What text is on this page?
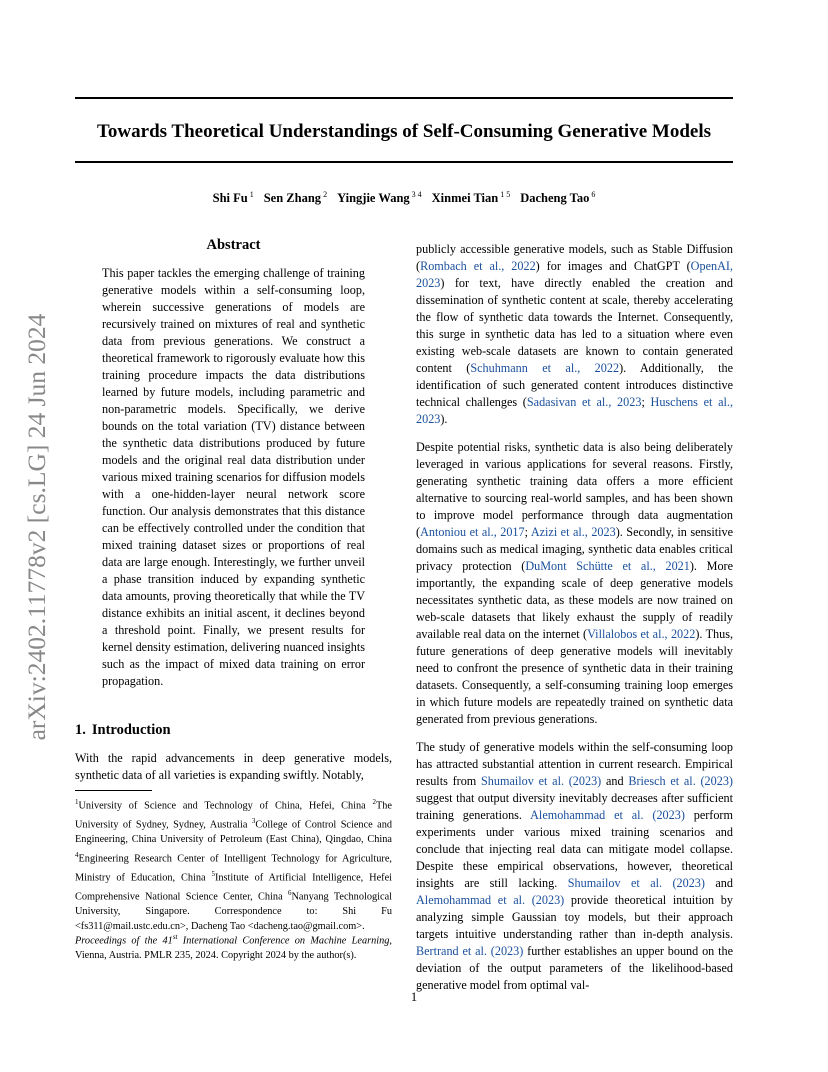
Towards Theoretical Understandings of Self-Consuming Generative Models
Shi Fu $^1$ Sen Zhang $^2$ Yingjie Wang $^{3 4}$ Xinmei Tian $^{1 5}$ Dacheng Tao $^6$
arXiv:2402.11778v2 [cs.LG] 24 Jun 2024
Abstract

This paper tackles the emerging challenge of training generative models within a self-consuming loop, wherein successive generations of models are recursively trained on mixtures of real and synthetic data from previous generations. We construct a theoretical framework to rigorously evaluate how this training procedure impacts the data distributions learned by future models, including parametric and non-parametric models. Specifically, we derive bounds on the total variation (TV) distance between the synthetic data distributions produced by future models and the original real data distribution under various mixed training scenarios for diffusion models with a one-hidden-layer neural network score function. Our analysis demonstrates that this distance can be effectively controlled under the condition that mixed training dataset sizes or proportions of real data are large enough. Interestingly, we further unveil a phase transition induced by expanding synthetic data amounts, proving theoretically that while the TV distance exhibits an initial ascent, it declines beyond a threshold point. Finally, we present results for kernel density estimation, delivering nuanced insights such as the impact of mixed data training on error propagation.

1. Introduction

With the rapid advancements in deep generative models, synthetic data of all varieties is expanding swiftly. Notably,

$^1$University of Science and Technology of China, Hefei, China $^2$The University of Sydney, Sydney, Australia $^3$College of Control Science and Engineering, China University of Petroleum (East China), Qingdao, China $^4$Engineering Research Center of Intelligent Technology for Agriculture, Ministry of Education, China $^5$Institute of Artificial Intelligence, Hefei Comprehensive National Science Center, China $^6$Nanyang Technological University, Singapore. Correspondence to: Shi Fu <fs311@mail.ustc.edu.cn>, Dacheng Tao <dacheng.tao@gmail.com>.

Proceedings of the 41st International Conference on Machine Learning, Vienna, Austria. PMLR 235, 2024. Copyright 2024 by the author(s).

publicly accessible generative models, such as Stable Diffusion (Rombach et al., 2022) for images and ChatGPT (OpenAI, 2023) for text, have directly enabled the creation and dissemination of synthetic content at scale, thereby accelerating the flow of synthetic data towards the Internet. Consequently, this surge in synthetic data has led to a situation where even existing web-scale datasets are known to contain generated content (Schuhmann et al., 2022). Additionally, the identification of such generated content introduces distinctive technical challenges (Sadasivan et al., 2023; Huschens et al., 2023).

Despite potential risks, synthetic data is also being deliberately leveraged in various applications for several reasons. Firstly, generating synthetic training data offers a more efficient alternative to sourcing real-world samples, and has been shown to improve model performance through data augmentation (Antoniou et al., 2017; Azizi et al., 2023). Secondly, in sensitive domains such as medical imaging, synthetic data enables critical privacy protection (DuMont Schütte et al., 2021). More importantly, the expanding scale of deep generative models necessitates synthetic data, as these models are now trained on web-scale datasets that likely exhaust the supply of readily available real data on the internet (Villalobos et al., 2022). Thus, future generations of deep generative models will inevitably need to confront the presence of synthetic data in their training datasets. Consequently, a self-consuming training loop emerges in which future models are repeatedly trained on synthetic data generated from previous generations.

The study of generative models within the self-consuming loop has attracted substantial attention in current research. Empirical results from Shumailov et al. (2023) and Briesch et al. (2023) suggest that output diversity inevitably decreases after sufficient training generations. Alemohammad et al. (2023) perform experiments under various mixed training scenarios and conclude that injecting real data can mitigate model collapse. Despite these empirical observations, however, theoretical insights are still lacking. Shumailov et al. (2023) and Alemohammad et al. (2023) provide theoretical intuition by analyzing simple Gaussian toy models, but their approach targets intuitive understanding rather than in-depth analysis. Bertrand et al. (2023) further establishes an upper bound on the deviation of the output parameters of the likelihood-based generative model from optimal val-

1
